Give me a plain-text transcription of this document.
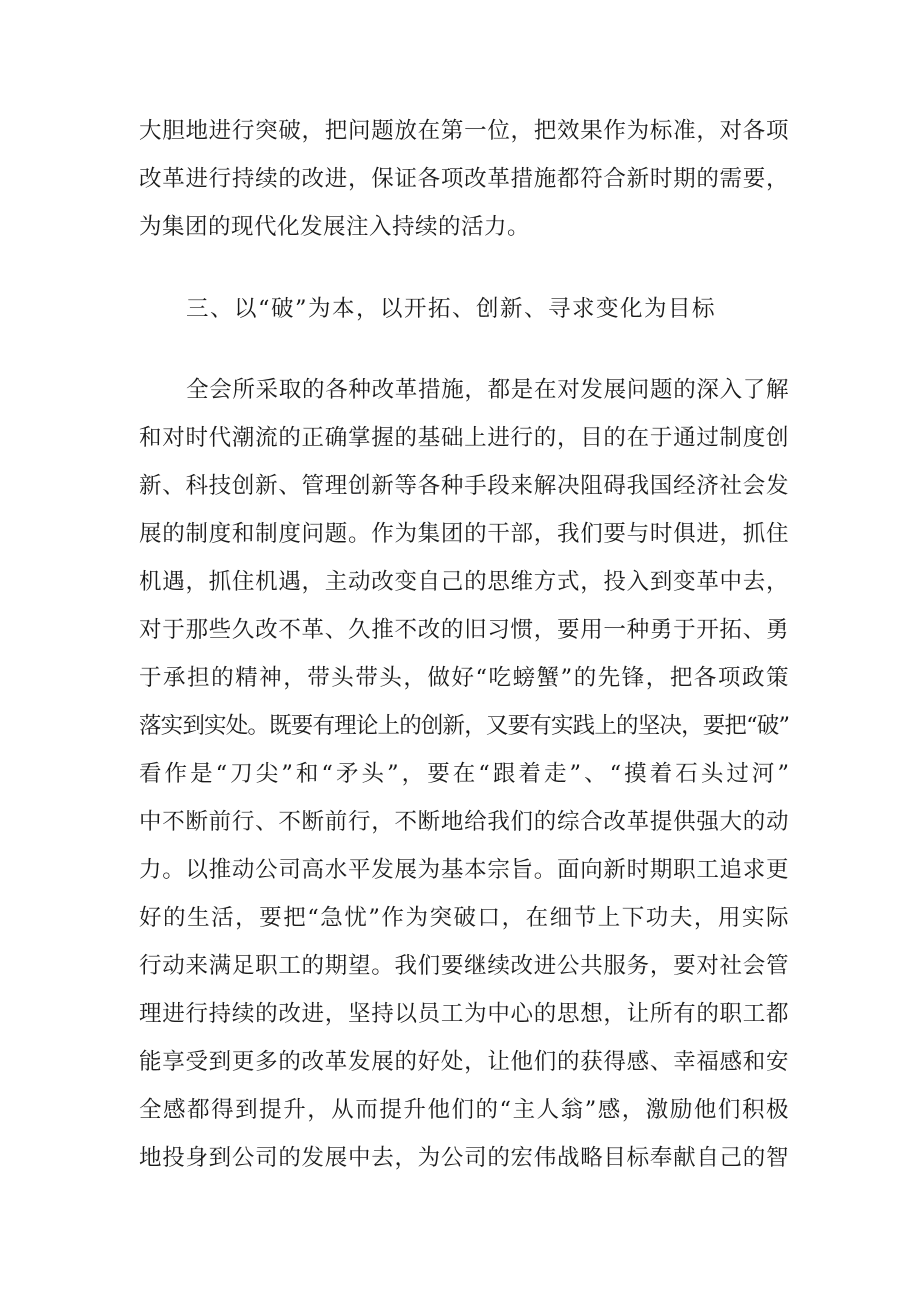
大胆地进行突破，把问题放在第一位，把效果作为标准，对各项
改革进行持续的改进，保证各项改革措施都符合新时期的需要，
为集团的现代化发展注入持续的活力。
三、以“破”为本，以开拓、创新、寻求变化为目标
全会所采取的各种改革措施，都是在对发展问题的深入了解
和对时代潮流的正确掌握的基础上进行的，目的在于通过制度创
新、科技创新、管理创新等各种手段来解决阻碍我国经济社会发
展的制度和制度问题。作为集团的干部，我们要与时俱进，抓住
机遇，抓住机遇，主动改变自己的思维方式，投入到变革中去，
对于那些久改不革、久推不改的旧习惯，要用一种勇于开拓、勇
于承担的精神，带头带头，做好“吃螃蟹”的先锋，把各项政策
落实到实处。既要有理论上的创新，又要有实践上的坚决，要把“破”
看作是“刀尖”和“矛头”，要在“跟着走”、“摸着石头过河”
中不断前行、不断前行，不断地给我们的综合改革提供强大的动
力。以推动公司高水平发展为基本宗旨。面向新时期职工追求更
好的生活，要把“急忧”作为突破口，在细节上下功夫，用实际
行动来满足职工的期望。我们要继续改进公共服务，要对社会管
理进行持续的改进，坚持以员工为中心的思想，让所有的职工都
能享受到更多的改革发展的好处，让他们的获得感、幸福感和安
全感都得到提升，从而提升他们的“主人翁”感，激励他们积极
地投身到公司的发展中去，为公司的宏伟战略目标奉献自己的智
